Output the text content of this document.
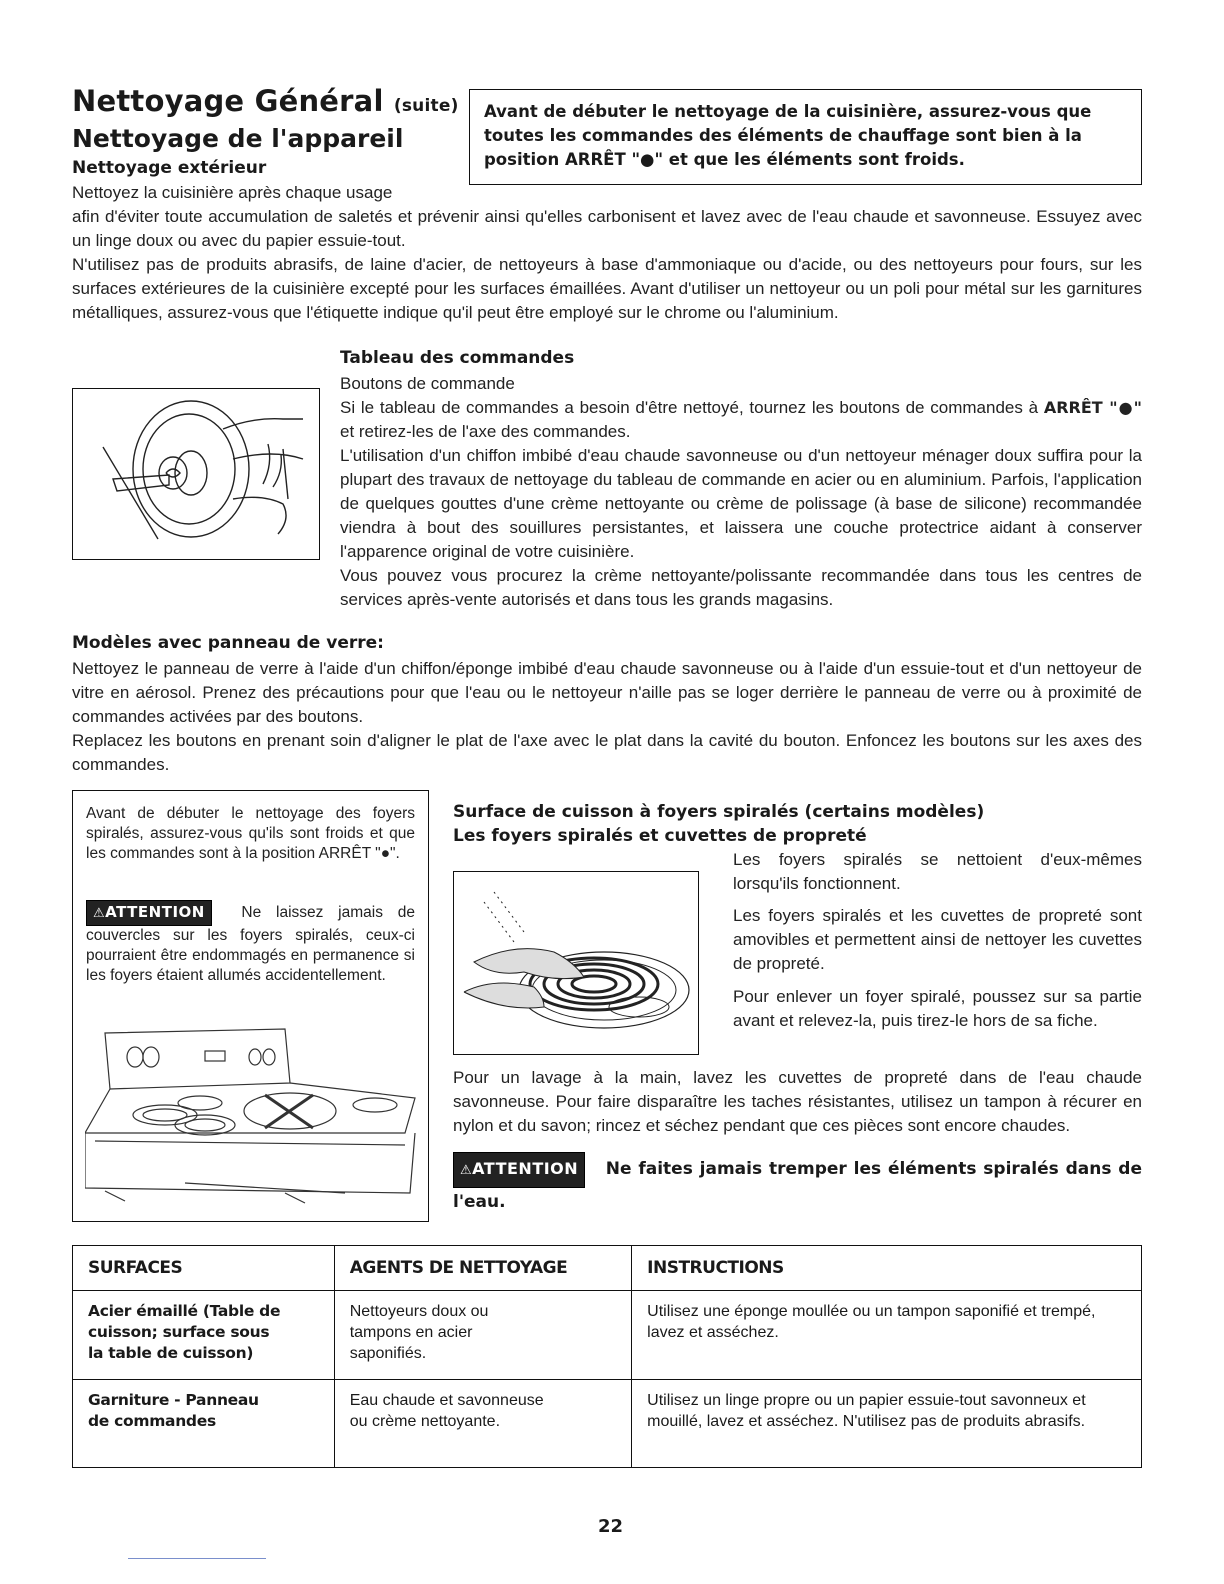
Nettoyage Général (suite)
Nettoyage de l'appareil
Nettoyage extérieur
Avant de débuter le nettoyage de la cuisinière, assurez-vous que toutes les commandes des éléments de chauffage sont bien à la position ARRÊT "●" et que les éléments sont froids.
Nettoyez la cuisinière après chaque usage
afin d'éviter toute accumulation de saletés et prévenir ainsi qu'elles carbonisent et lavez avec de l'eau chaude et savonneuse. Essuyez avec un linge doux ou avec du papier essuie-tout.
N'utilisez pas de produits abrasifs, de laine d'acier, de nettoyeurs à base d'ammoniaque ou d'acide, ou des nettoyeurs pour fours, sur les surfaces extérieures de la cuisinière excepté pour les surfaces émaillées. Avant d'utiliser un nettoyeur ou un poli pour métal sur les garnitures métalliques, assurez-vous que l'étiquette indique qu'il peut être employé sur le chrome ou l'aluminium.
Tableau des commandes
Boutons de commande
Si le tableau de commandes a besoin d'être nettoyé, tournez les boutons de commandes à ARRÊT "●" et retirez-les de l'axe des commandes.
L'utilisation d'un chiffon imbibé d'eau chaude savonneuse ou d'un nettoyeur ménager doux suffira pour la plupart des travaux de nettoyage du tableau de commande en acier ou en aluminium. Parfois, l'application de quelques gouttes d'une crème nettoyante ou crème de polissage (à base de silicone) recommandée viendra à bout des souillures persistantes, et laissera une couche protectrice aidant à conserver l'apparence original de votre cuisinière.
Vous pouvez vous procurez la crème nettoyante/polissante recommandée dans tous les centres de services après-vente autorisés et dans tous les grands magasins.
Modèles avec panneau de verre:
Nettoyez le panneau de verre à l'aide d'un chiffon/éponge imbibé d'eau chaude savonneuse ou à l'aide d'un essuie-tout et d'un nettoyeur de vitre en aérosol. Prenez des précautions pour que l'eau ou le nettoyeur n'aille pas se loger derrière le panneau de verre ou à proximité de commandes activées par des boutons.
Replacez les boutons en prenant soin d'aligner le plat de l'axe avec le plat dans la cavité du bouton. Enfoncez les boutons sur les axes des commandes.
Avant de débuter le nettoyage des foyers spiralés, assurez-vous qu'ils sont froids et que les commandes sont à la position ARRÊT "●".
⚠ATTENTION Ne laissez jamais de couvercles sur les foyers spiralés, ceux-ci pourraient être endommagés en permanence si les foyers étaient allumés accidentellement.
Surface de cuisson à foyers spiralés (certains modèles)
Les foyers spiralés et cuvettes de propreté
Les foyers spiralés se nettoient d'eux-mêmes lorsqu'ils fonctionnent.
Les foyers spiralés et les cuvettes de propreté sont amovibles et permettent ainsi de nettoyer les cuvettes de propreté.
Pour enlever un foyer spiralé, poussez sur sa partie avant et relevez-la, puis tirez-le hors de sa fiche.
Pour un lavage à la main, lavez les cuvettes de propreté dans de l'eau chaude savonneuse. Pour faire disparaître les taches résistantes, utilisez un tampon à récurer en nylon et du savon; rincez et séchez pendant que ces pièces sont encore chaudes.
⚠ATTENTION Ne faites jamais tremper les éléments spiralés dans de l'eau.
SURFACES	AGENTS DE NETTOYAGE	INSTRUCTIONS

Acier émaillé (Table de cuisson; surface sous la table de cuisson)	Nettoyeurs doux ou tampons en acier saponifiés.	Utilisez une éponge moullée ou un tampon saponifié et trempé, lavez et asséchez.

Garniture - Panneau de commandes	Eau chaude et savonneuse ou crème nettoyante.	Utilisez un linge propre ou un papier essuie-tout savonneux et mouillé, lavez et asséchez. N'utilisez pas de produits abrasifs.
22
